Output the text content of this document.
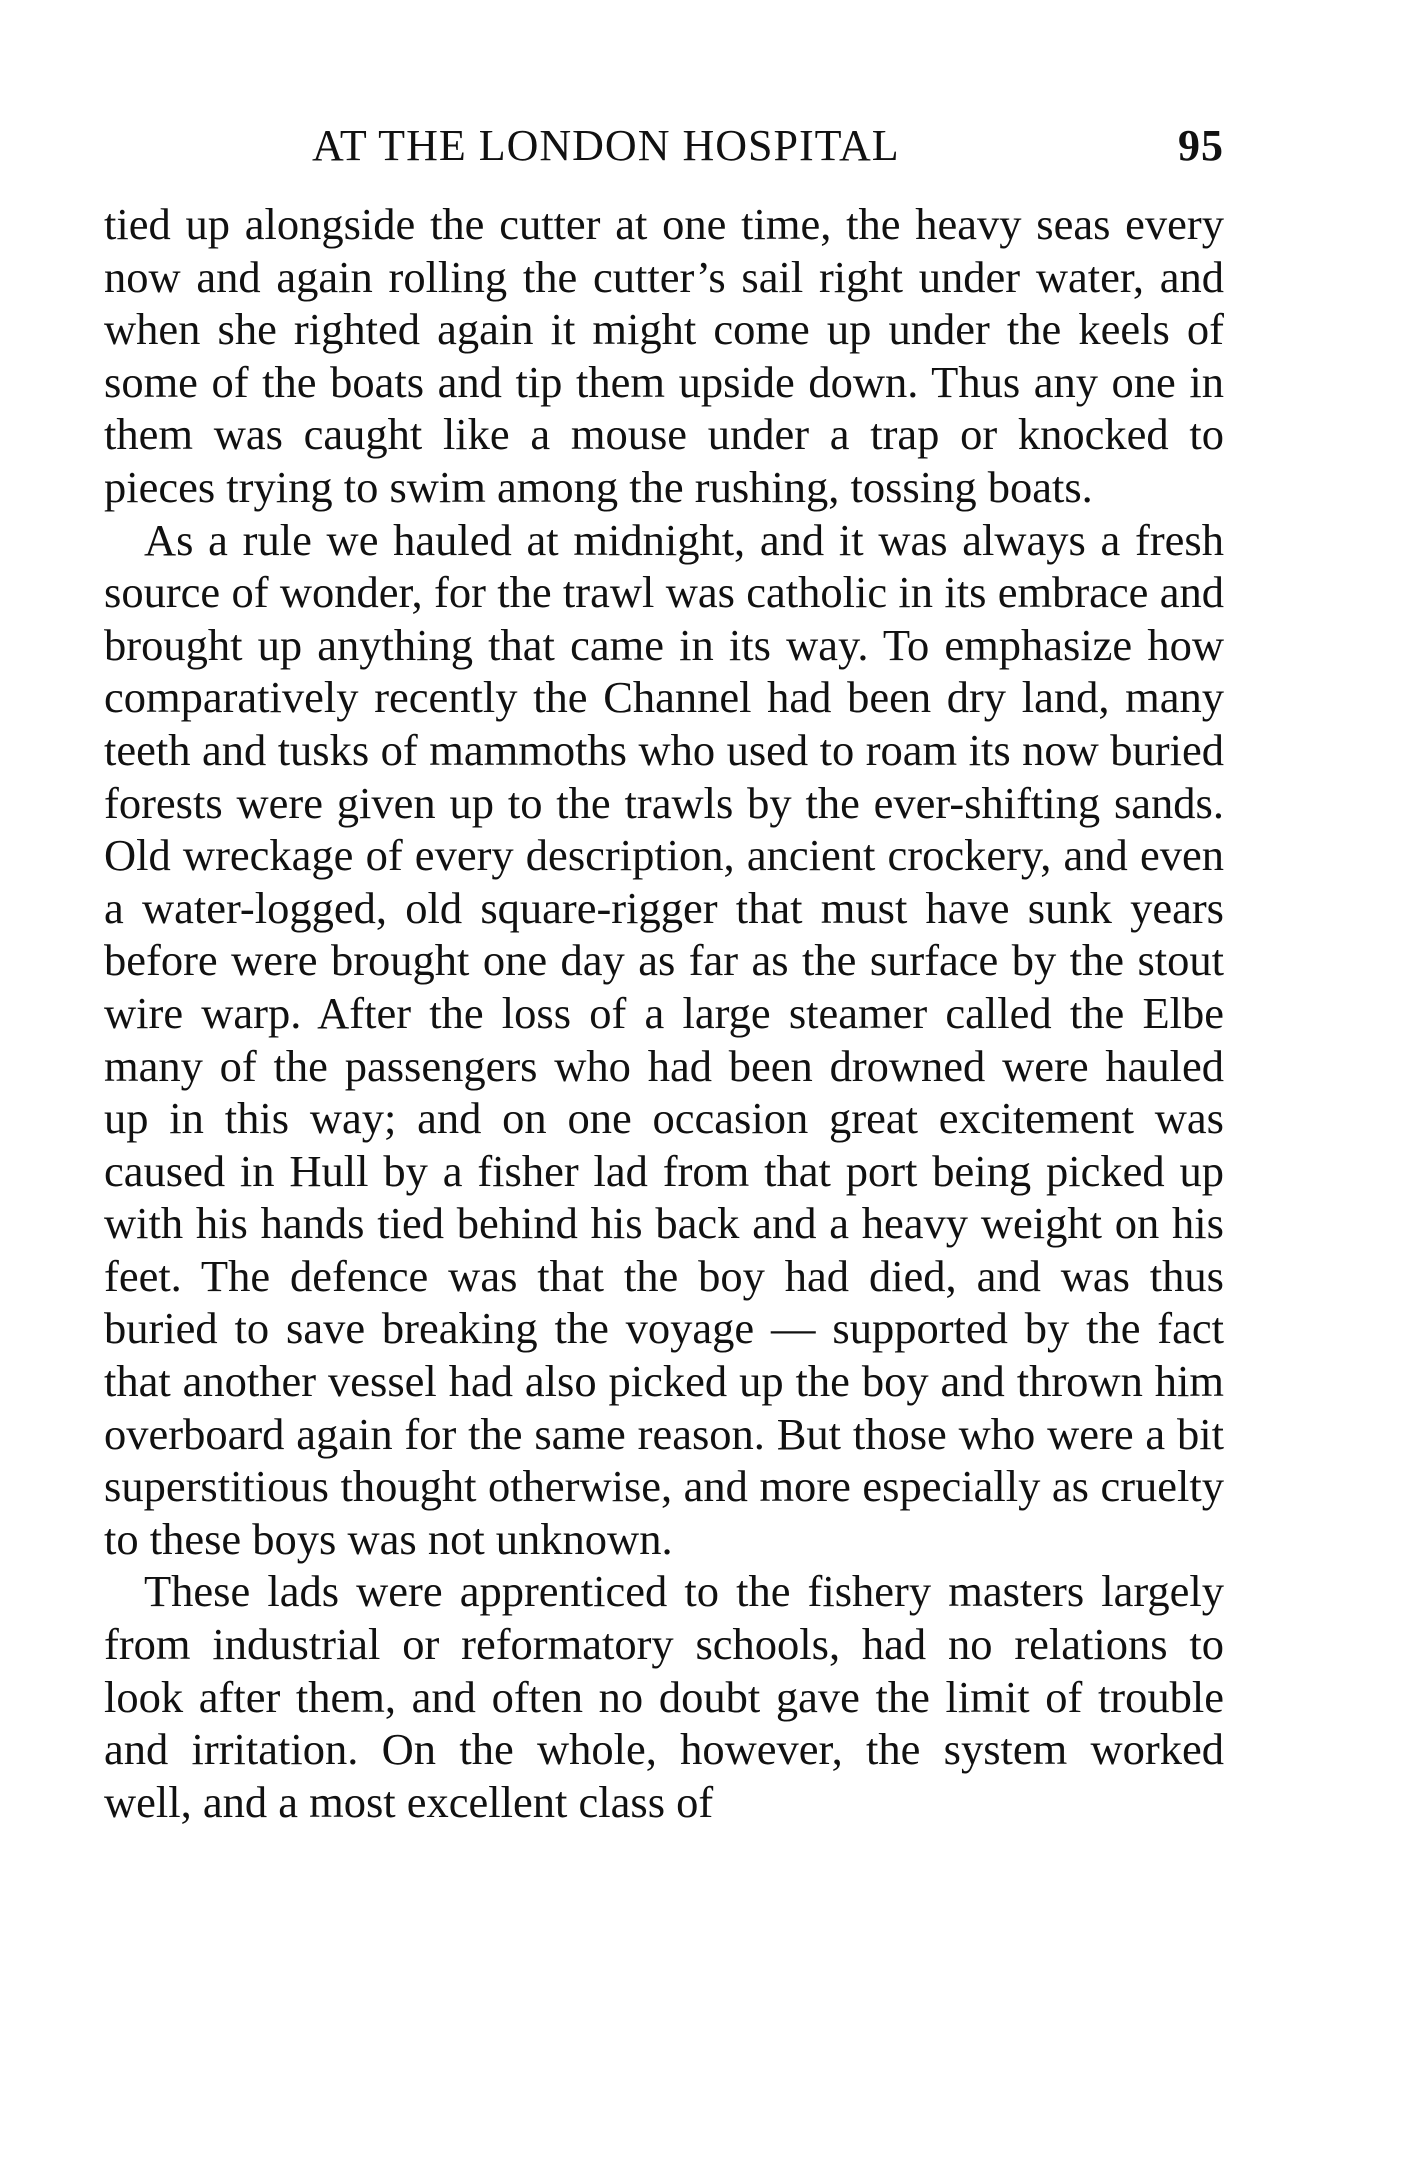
AT THE LONDON HOSPITAL	95

tied up alongside the cutter at one time, the heavy seas every now and again rolling the cutter’s sail right under water, and when she righted again it might come up under the keels of some of the boats and tip them upside down. Thus any one in them was caught like a mouse under a trap or knocked to pieces trying to swim among the rushing, tossing boats.

As a rule we hauled at midnight, and it was always a fresh source of wonder, for the trawl was catholic in its embrace and brought up anything that came in its way. To emphasize how comparatively recently the Channel had been dry land, many teeth and tusks of mammoths who used to roam its now buried forests were given up to the trawls by the ever-shifting sands. Old wreckage of every description, ancient crockery, and even a water-logged, old square-rigger that must have sunk years before were brought one day as far as the surface by the stout wire warp. After the loss of a large steamer called the Elbe many of the passengers who had been drowned were hauled up in this way; and on one occasion great excitement was caused in Hull by a fisher lad from that port being picked up with his hands tied behind his back and a heavy weight on his feet. The defence was that the boy had died, and was thus buried to save breaking the voyage — supported by the fact that another vessel had also picked up the boy and thrown him overboard again for the same reason. But those who were a bit superstitious thought otherwise, and more especially as cruelty to these boys was not unknown.

These lads were apprenticed to the fishery masters largely from industrial or reformatory schools, had no relations to look after them, and often no doubt gave the limit of trouble and irritation. On the whole, however, the system worked well, and a most excellent class of
